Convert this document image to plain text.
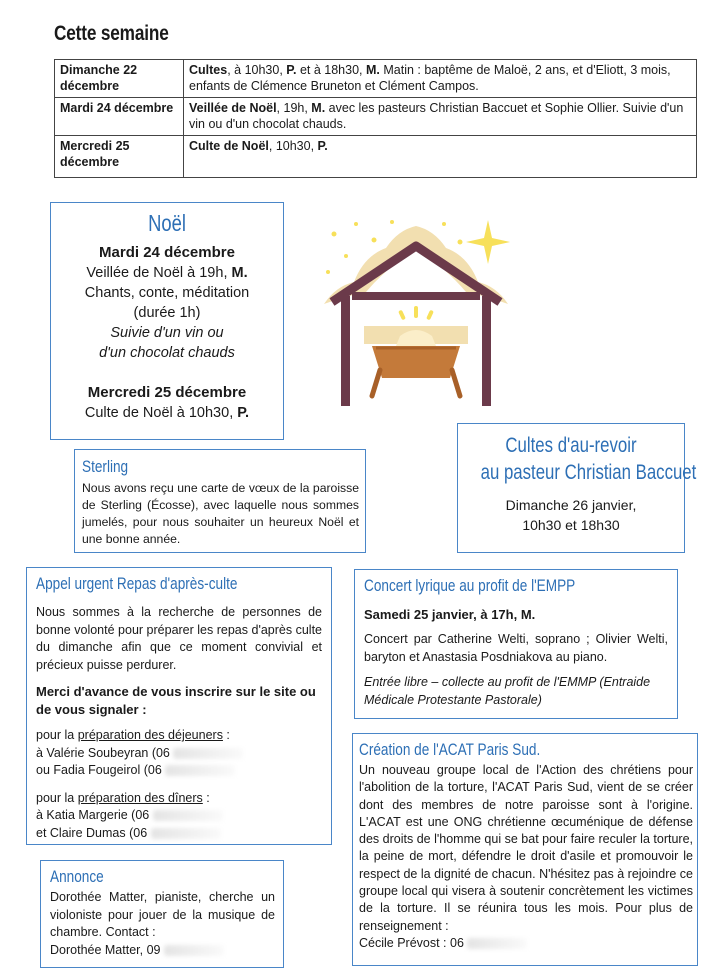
Cette semaine
Dimanche 22 décembre	Cultes, à 10h30, P. et à 18h30, M. Matin : baptême de Maloë, 2 ans, et d'Eliott, 3 mois, enfants de Clémence Bruneton et Clément Campos.
Mardi 24 décembre	Veillée de Noël, 19h, M. avec les pasteurs Christian Baccuet et Sophie Ollier. Suivie d'un vin ou d'un chocolat chauds.
Mercredi 25 décembre	Culte de Noël, 10h30, P.
Noël
Mardi 24 décembre
Veillée de Noël à 19h, M.
Chants, conte, méditation
(durée 1h)
Suivie d'un vin ou
d'un chocolat chauds
Mercredi 25 décembre
Culte de Noël à 10h30, P.
Cultes d'au-revoir
au pasteur Christian Baccuet
Dimanche 26 janvier,
10h30 et 18h30
Sterling
Nous avons reçu une carte de vœux de la paroisse de Sterling (Écosse), avec laquelle nous sommes jumelés, pour nous souhaiter un heureux Noël et une bonne année.
Appel urgent Repas d'après-culte
Nous sommes à la recherche de personnes de bonne volonté pour préparer les repas d'après culte du dimanche afin que ce moment convivial et précieux puisse perdurer.
Merci d'avance de vous inscrire sur le site ou de vous signaler :
pour la préparation des déjeuners :
à Valérie Soubeyran (06
ou Fadia Fougeirol (06
pour la préparation des dîners :
à Katia Margerie (06
et Claire Dumas (06
Concert lyrique au profit de l'EMPP
Samedi 25 janvier, à 17h, M.
Concert par Catherine Welti, soprano ; Olivier Welti, baryton et Anastasia Posdniakova au piano.
Entrée libre – collecte au profit de l'EMMP (Entraide Médicale Protestante Pastorale)
Création de l'ACAT Paris Sud.
Un nouveau groupe local de l'Action des chrétiens pour l'abolition de la torture, l'ACAT Paris Sud, vient de se créer dont des membres de notre paroisse sont à l'origine. L'ACAT est une ONG chrétienne œcuménique de défense des droits de l'homme qui se bat pour faire reculer la torture, la peine de mort, défendre le droit d'asile et promouvoir le respect de la dignité de chacun. N'hésitez pas à rejoindre ce groupe local qui visera à soutenir concrètement les victimes de la torture. Il se réunira tous les mois. Pour plus de renseignement :
Cécile Prévost : 06
Annonce
Dorothée Matter, pianiste, cherche un violoniste pour jouer de la musique de chambre. Contact :
Dorothée Matter, 09
